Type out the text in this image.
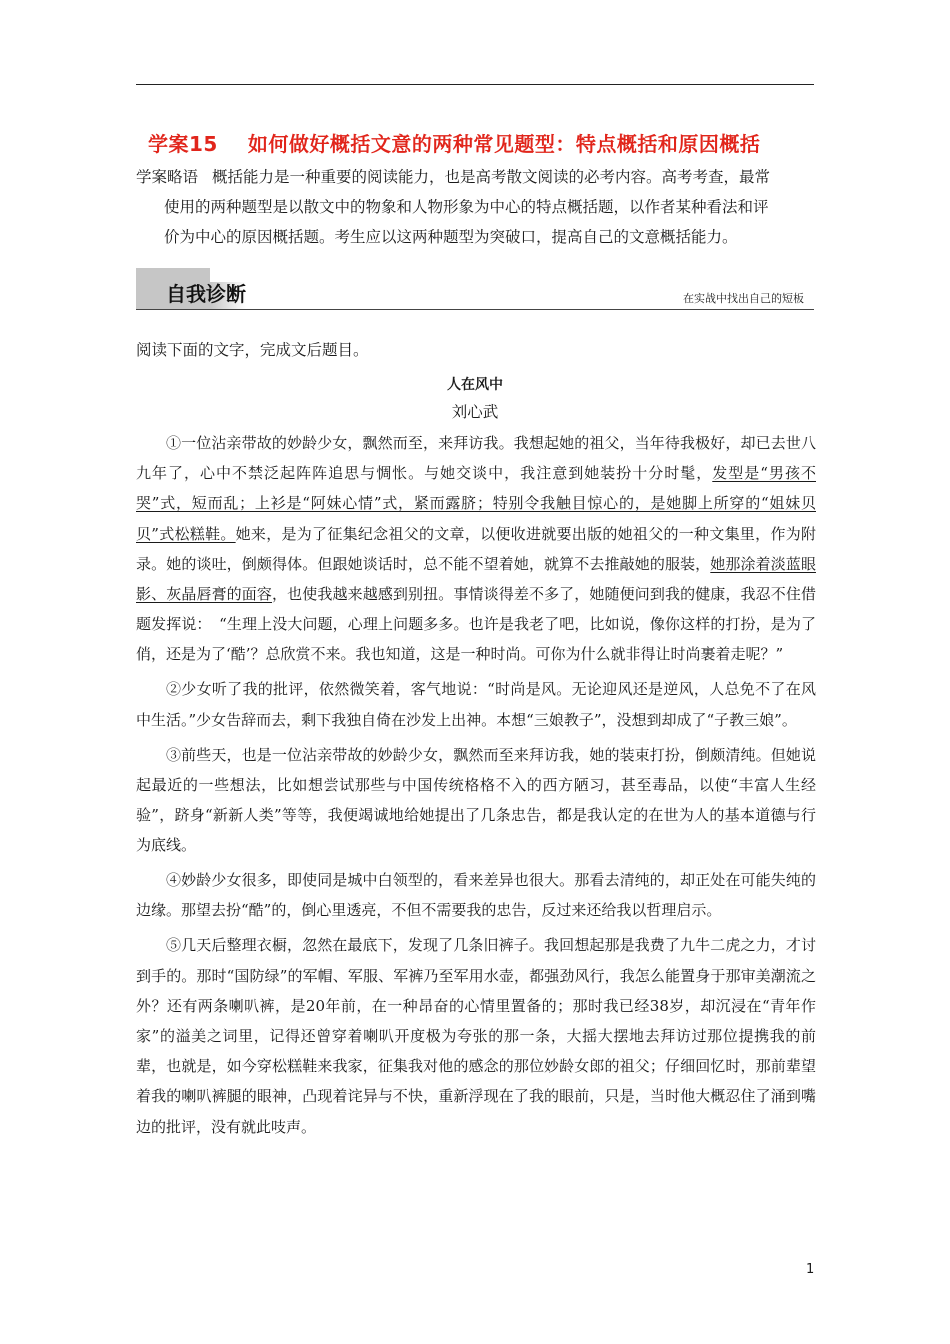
学案15 如何做好概括文意的两种常见题型：特点概括和原因概括
学案略语 概括能力是一种重要的阅读能力，也是高考散文阅读的必考内容。高考考查，最常
使用的两种题型是以散文中的物象和人物形象为中心的特点概括题，以作者某种看法和评
价为中心的原因概括题。考生应以这两种题型为突破口，提高自己的文意概括能力。
自我诊断	在实战中找出自己的短板
阅读下面的文字，完成文后题目。
人在风中
刘心武

①一位沾亲带故的妙龄少女，飘然而至，来拜访我。我想起她的祖父，当年待我极好，却已去世八九年了，心中不禁泛起阵阵追思与惆怅。与她交谈中，我注意到她装扮十分时髦，发型是“男孩不哭”式，短而乱；上衫是“阿妹心情”式，紧而露脐；特别令我触目惊心的，是她脚上所穿的“姐妹贝贝”式松糕鞋。她来，是为了征集纪念祖父的文章，以便收进就要出版的她祖父的一种文集里，作为附录。她的谈吐，倒颇得体。但跟她谈话时，总不能不望着她，就算不去推敲她的服装，她那涂着淡蓝眼影、灰晶唇膏的面容，也使我越来越感到别扭。事情谈得差不多了，她随便问到我的健康，我忍不住借题发挥说：　“生理上没大问题，心理上问题多多。也许是我老了吧，比如说，像你这样的打扮，是为了俏，还是为了‘酷’？总欣赏不来。我也知道，这是一种时尚。可你为什么就非得让时尚裹着走呢？”

②少女听了我的批评，依然微笑着，客气地说：“时尚是风。无论迎风还是逆风，人总免不了在风中生活。”少女告辞而去，剩下我独自倚在沙发上出神。本想“三娘教子”，没想到却成了“子教三娘”。

③前些天，也是一位沾亲带故的妙龄少女，飘然而至来拜访我，她的装束打扮，倒颇清纯。但她说起最近的一些想法，比如想尝试那些与中国传统格格不入的西方陋习，甚至毒品，以使“丰富人生经验”，跻身“新新人类”等等，我便竭诚地给她提出了几条忠告，都是我认定的在世为人的基本道德与行为底线。

④妙龄少女很多，即使同是城中白领型的，看来差异也很大。那看去清纯的，却正处在可能失纯的边缘。那望去扮“酷”的，倒心里透亮，不但不需要我的忠告，反过来还给我以哲理启示。

⑤几天后整理衣橱，忽然在最底下，发现了几条旧裤子。我回想起那是我费了九牛二虎之力，才讨到手的。那时“国防绿”的军帽、军服、军裤乃至军用水壶，都强劲风行，我怎么能置身于那审美潮流之外？还有两条喇叭裤，是20年前，在一种昂奋的心情里置备的；那时我已经38岁，却沉浸在“青年作家”的溢美之词里，记得还曾穿着喇叭开度极为夸张的那一条，大摇大摆地去拜访过那位提携我的前辈，也就是，如今穿松糕鞋来我家，征集我对他的感念的那位妙龄女郎的祖父；仔细回忆时，那前辈望着我的喇叭裤腿的眼神，凸现着诧异与不快，重新浮现在了我的眼前，只是，当时他大概忍住了涌到嘴边的批评，没有就此吱声。

1
